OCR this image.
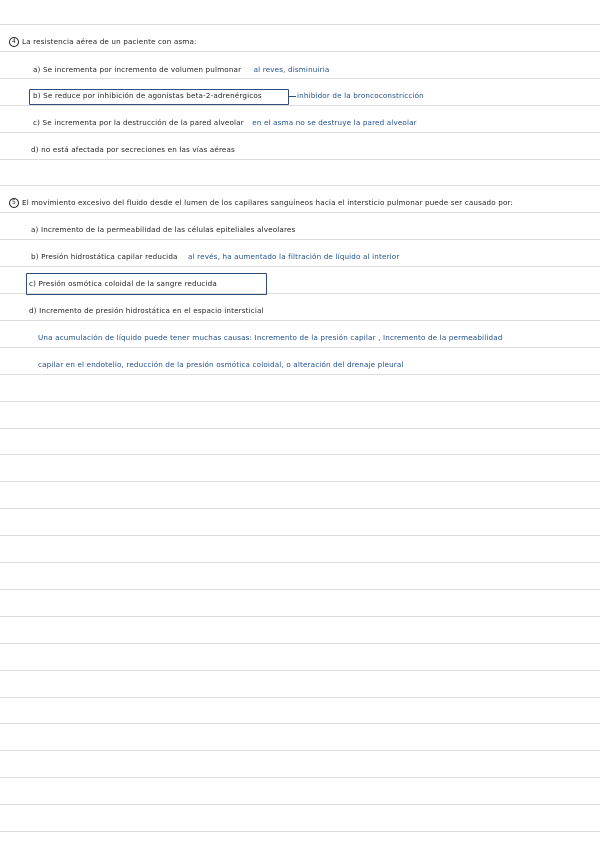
4 La resistencia aérea de un paciente con asma:
a) Se incrementa por incremento de volumen pulmonar al reves, disminuiria
b) Se reduce por inhibición de agonistas beta-2-adrenérgicos	inhibidor de la broncoconstricción
c) Se incrementa por la destrucción de la pared alveolar en el asma no se destruye la pared alveolar
d) no está afectada por secreciones en las vías aéreas
5 El movimiento excesivo del fluido desde el lumen de los capilares sanguíneos hacia el intersticio pulmonar puede ser causado por:
a) Incremento de la permeabilidad de las células epiteliales alveolares
b) Presión hidrostática capilar reducida al revés, ha aumentado la filtración de líquido al interior
c) Presión osmótica coloidal de la sangre reducida
d) Incremento de presión hidrostática en el espacio intersticial
Una acumulación de líquido puede tener muchas causas: Incremento de la presión capilar , Incremento de la permeabilidad
capilar en el endotelio, reducción de la presión osmótica coloidal, o alteración del drenaje pleural
